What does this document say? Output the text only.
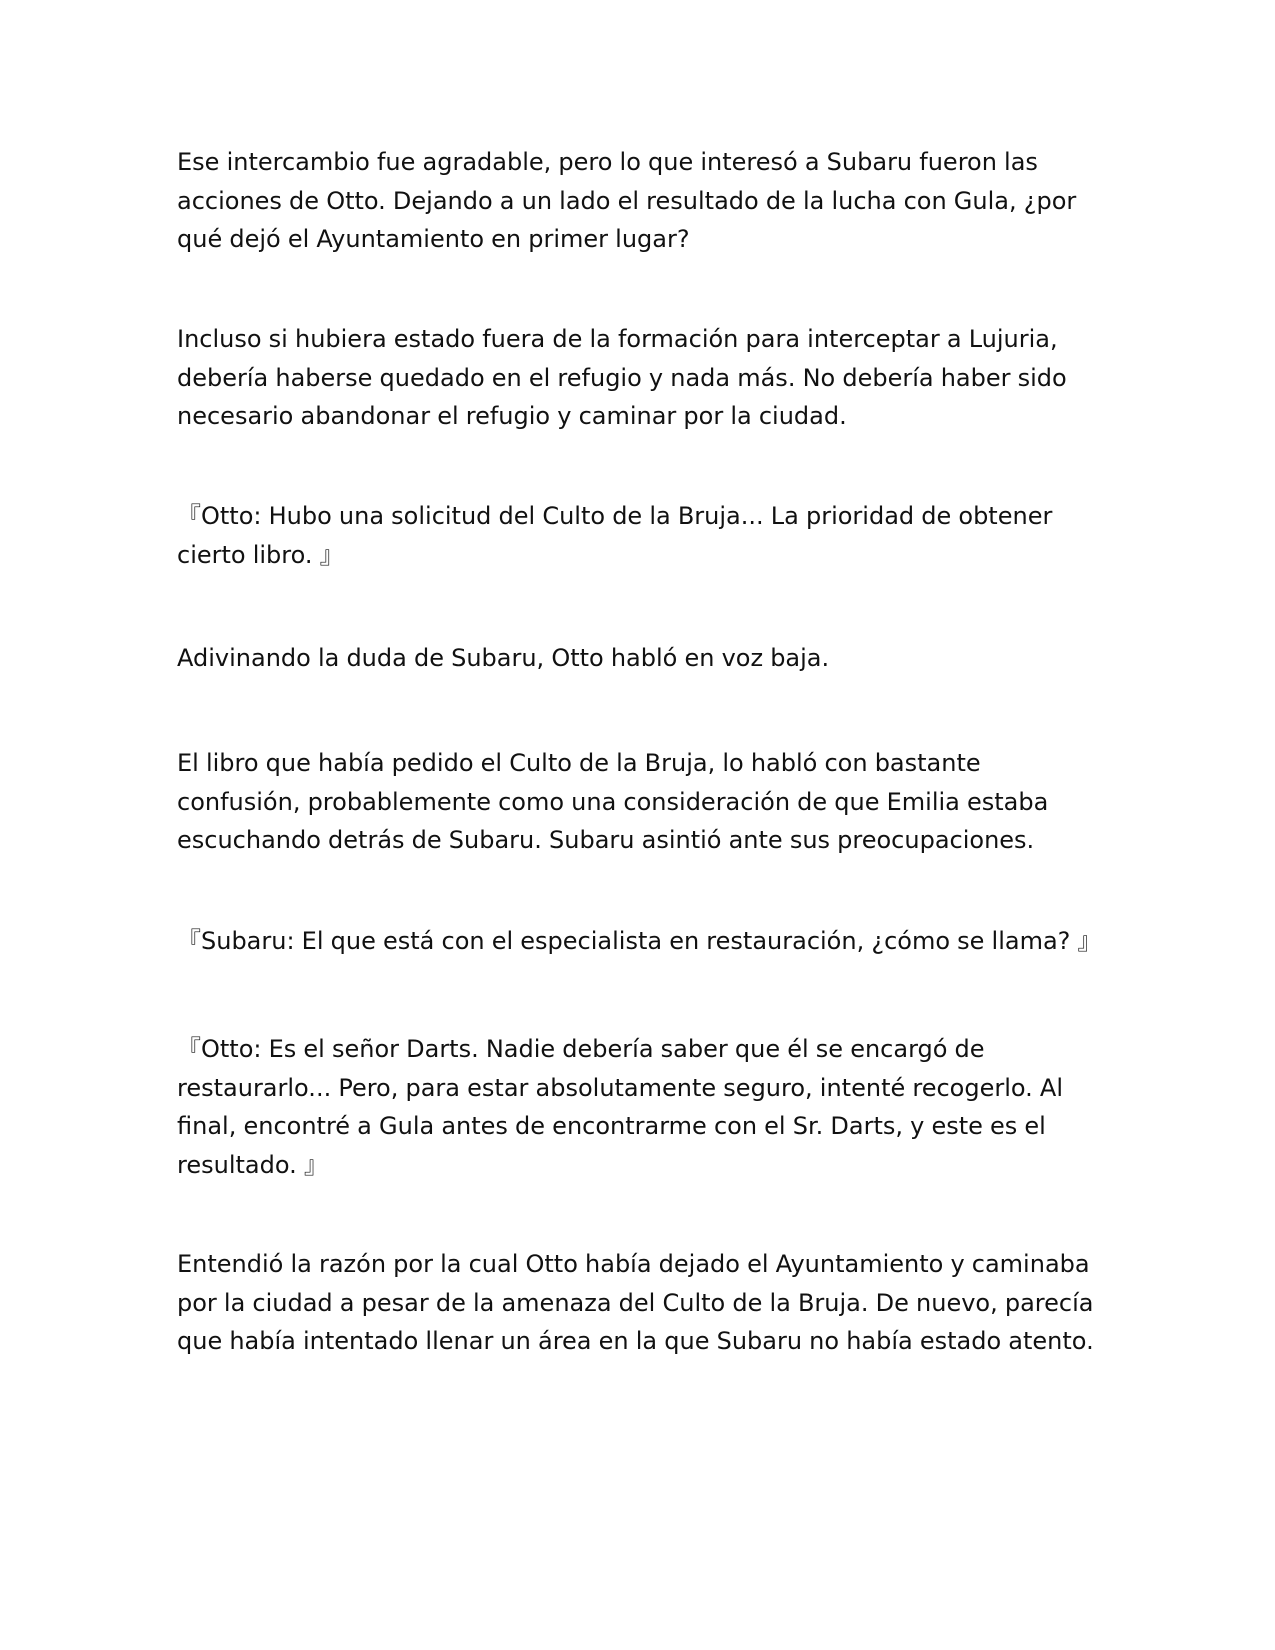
Ese intercambio fue agradable, pero lo que interesó a Subaru fueron las
acciones de Otto. Dejando a un lado el resultado de la lucha con Gula, ¿por
qué dejó el Ayuntamiento en primer lugar?

Incluso si hubiera estado fuera de la formación para interceptar a Lujuria,
debería haberse quedado en el refugio y nada más. No debería haber sido
necesario abandonar el refugio y caminar por la ciudad.

『Otto: Hubo una solicitud del Culto de la Bruja... La prioridad de obtener
cierto libro. 』

Adivinando la duda de Subaru, Otto habló en voz baja.

El libro que había pedido el Culto de la Bruja, lo habló con bastante
confusión, probablemente como una consideración de que Emilia estaba
escuchando detrás de Subaru. Subaru asintió ante sus preocupaciones.

『Subaru: El que está con el especialista en restauración, ¿cómo se llama? 』

『Otto: Es el señor Darts. Nadie debería saber que él se encargó de
restaurarlo... Pero, para estar absolutamente seguro, intenté recogerlo. Al
final, encontré a Gula antes de encontrarme con el Sr. Darts, y este es el
resultado. 』

Entendió la razón por la cual Otto había dejado el Ayuntamiento y caminaba
por la ciudad a pesar de la amenaza del Culto de la Bruja. De nuevo, parecía
que había intentado llenar un área en la que Subaru no había estado atento.
